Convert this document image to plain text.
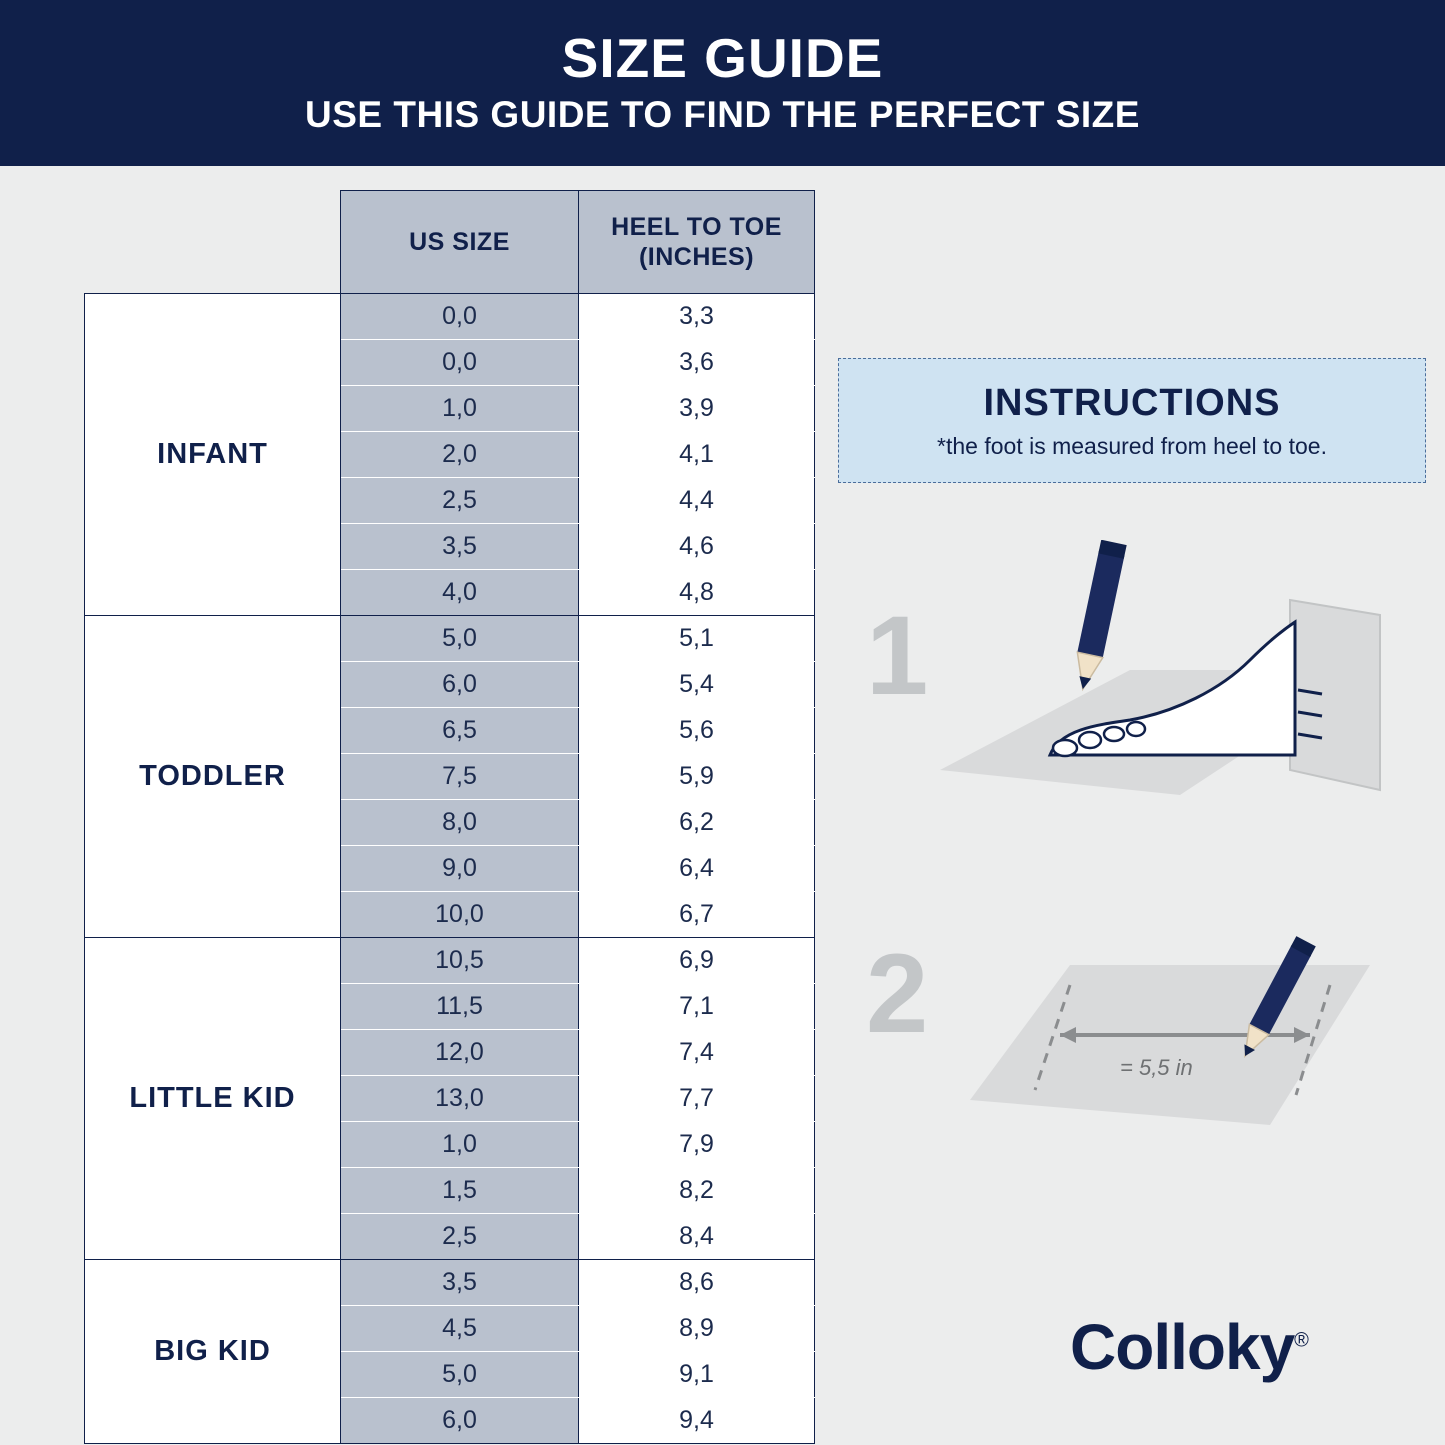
SIZE GUIDE
USE THIS GUIDE TO FIND THE PERFECT SIZE
	US SIZE	HEEL TO TOE
(INCHES)

INFANT	0,0	3,3
	0,0	3,6
	1,0	3,9
	2,0	4,1
	2,5	4,4
	3,5	4,6
	4,0	4,8
TODDLER	5,0	5,1
	6,0	5,4
	6,5	5,6
	7,5	5,9
	8,0	6,2
	9,0	6,4
	10,0	6,7
LITTLE KID	10,5	6,9
	11,5	7,1
	12,0	7,4
	13,0	7,7
	1,0	7,9
	1,5	8,2
	2,5	8,4
BIG KID	3,5	8,6
	4,5	8,9
	5,0	9,1
	6,0	9,4
INSTRUCTIONS
*the foot is measured from heel to toe.
1
2
= 5,5 in
Colloky®
